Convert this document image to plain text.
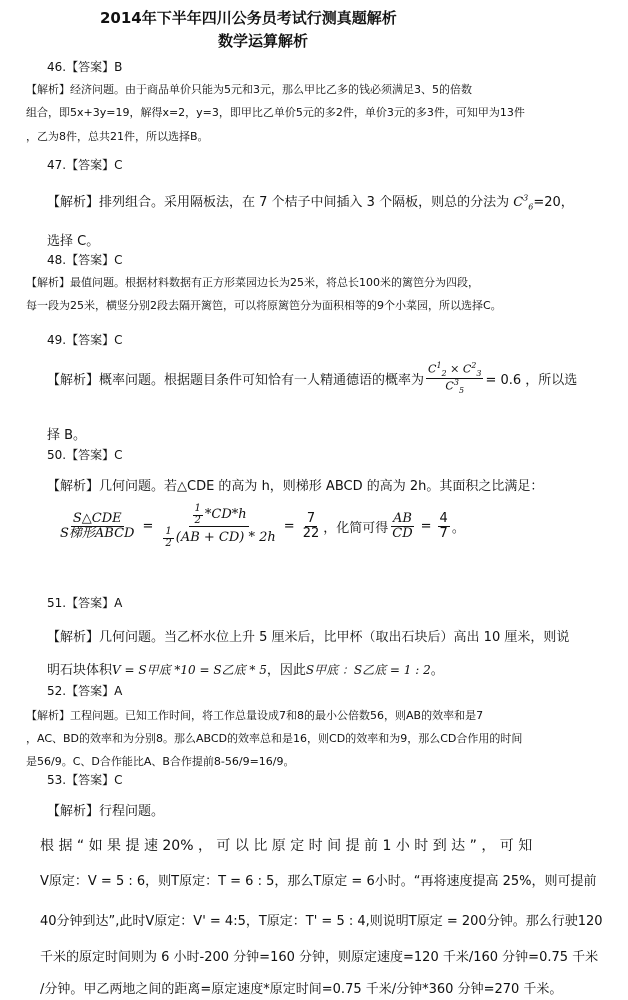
2014年下半年四川公务员考试行测真题解析
数学运算解析
46.【答案】B
【解析】经济问题。由于商品单价只能为5元和3元，那么甲比乙多的钱必须满足3、5的倍数
组合，即5x+3y=19，解得x=2，y=3，即甲比乙单价5元的多2件，单价3元的多3件，可知甲为13件
，乙为8件，总共21件，所以选择B。
47.【答案】C
【解析】排列组合。采用隔板法，在 7 个桔子中间插入 3 个隔板，则总的分法为 $C^3_6=20$，
选择 C。
48.【答案】C
【解析】最值问题。根据材料数据有正方形菜园边长为25米，将总长100米的篱笆分为四段，
每一段为25米，横竖分别2段去隔开篱笆，可以将原篱笆分为面积相等的9个小菜园，所以选择C。
49.【答案】C
【解析】概率问题。根据题目条件可知恰有一人精通德语的概率为 $\frac{C^1_2 \times C^2_3}{C^3_5} = 0.6$ ，所以选
择 B。
50.【答案】C
【解析】几何问题。若△CDE 的高为 h，则梯形 ABCD 的高为 2h。其面积之比满足：
$\frac{\text{S△CDE}}{\text{S梯形ABCD}} = \frac{\frac{1}{2} *CD*h}{\frac{1}{2} (AB + CD) * 2h} = \frac{7}{22}$ ，化简可得 $\frac{AB}{CD} = \frac{4}{7}$ 。
51.【答案】A
【解析】几何问题。当乙杯水位上升 5 厘米后，比甲杯（取出石块后）高出 10 厘米，则说
明石块体积V = S甲底 *10 = S乙底 * 5，因此S甲底 ：S乙底 = 1 : 2。
52.【答案】A
【解析】工程问题。已知工作时间，将工作总量设成7和8的最小公倍数56，则AB的效率和是7
，AC、BD的效率和为分别8。那么ABCD的效率总和是16，则CD的效率和为9，那么CD合作用的时间
是56/9。C、D合作能比A、B合作提前8-56/9=16/9。
53.【答案】C
【解析】行程问题。
根 据 “ 如 果 提 速 20% ， 可 以 比 原 定 时 间 提 前 1 小 时 到 达 ” ， 可 知
V原定：V = 5 : 6，则T原定：T = 6 : 5，那么T原定 = 6小时。“再将速度提高 25%，则可提前
40分钟到达”,此时V原定：V' = 4:5，T原定：T' = 5 : 4,则说明T原定 = 200分钟。那么行驶120
千米的原定时间则为 6 小时-200 分钟=160 分钟，则原定速度=120 千米/160 分钟=0.75 千米
/分钟。甲乙两地之间的距离=原定速度*原定时间=0.75 千米/分钟*360 分钟=270 千米。
